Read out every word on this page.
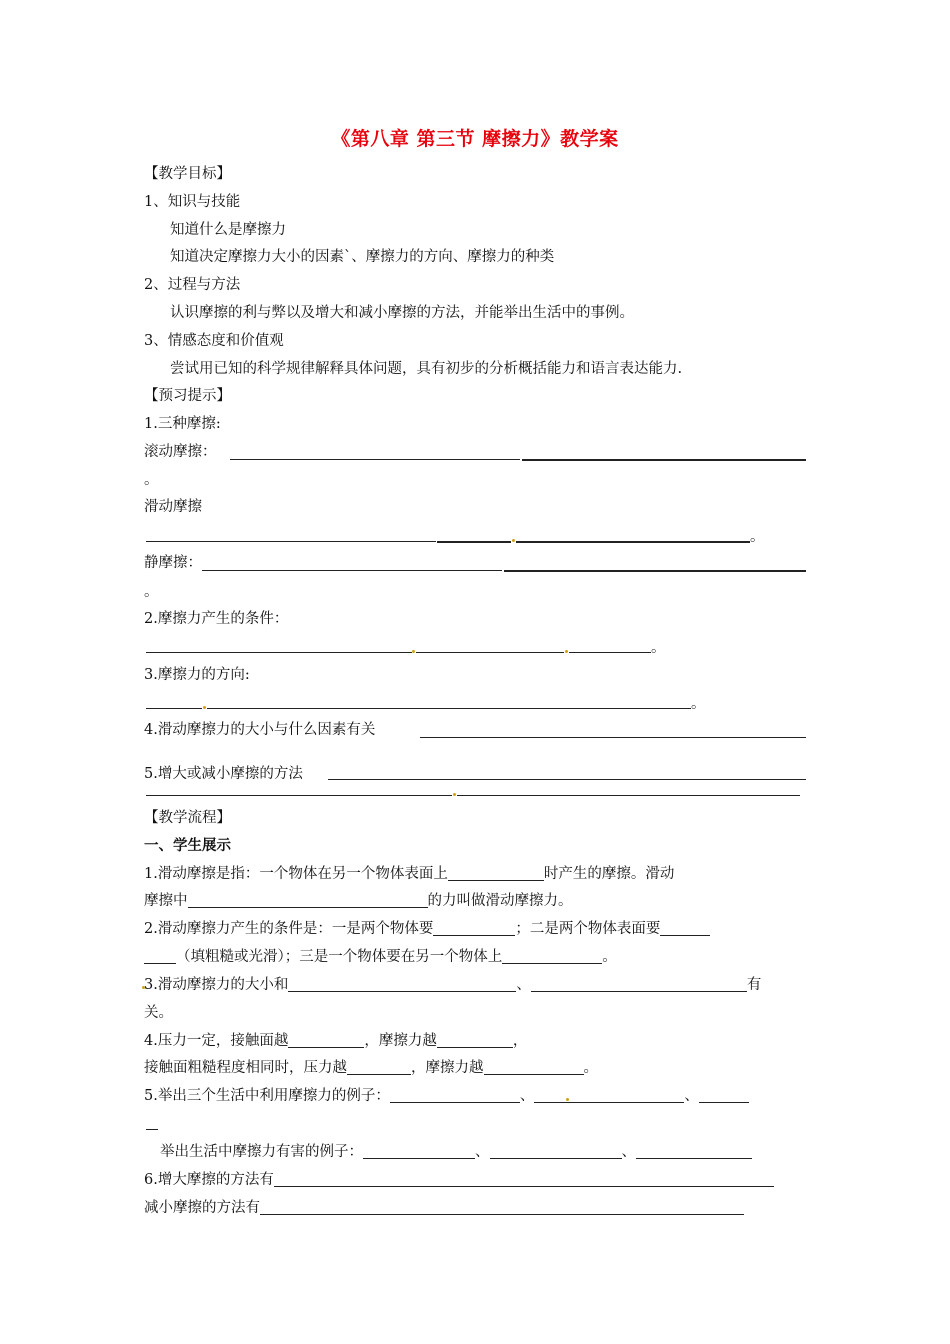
《第八章 第三节 摩擦力》教学案
【教学目标】
1、知识与技能
知道什么是摩擦力
知道决定摩擦力大小的因素`、摩擦力的方向、摩擦力的种类
2、过程与方法
认识摩擦的利与弊以及增大和减小摩擦的方法，并能举出生活中的事例。
3、情感态度和价值观
尝试用已知的科学规律解释具体问题，具有初步的分析概括能力和语言表达能力.
【预习提示】
1.三种摩擦:
滚动摩擦：
。
滑动摩擦
。
静摩擦：
。
2.摩擦力产生的条件：
。
3.摩擦力的方向:
。
4.滑动摩擦力的大小与什么因素有关
5.增大或减小摩擦的方法
【教学流程】
一、学生展示
1.滑动摩擦是指：一个物体在另一个物体表面上	时产生的摩擦。滑动
摩擦中	的力叫做滑动摩擦力。
2.滑动摩擦力产生的条件是：一是两个物体要	；二是两个物体表面要
（填粗糙或光滑）；三是一个物体要在另一个物体上	。
3.滑动摩擦力的大小和	、	有
关。
4.压力一定，接触面越	，摩擦力越	，
接触面粗糙程度相同时，压力越	，摩擦力越	。
5.举出三个生活中利用摩擦力的例子：	、	、
举出生活中摩擦力有害的例子：	、	、
6.增大摩擦的方法有
减小摩擦的方法有
